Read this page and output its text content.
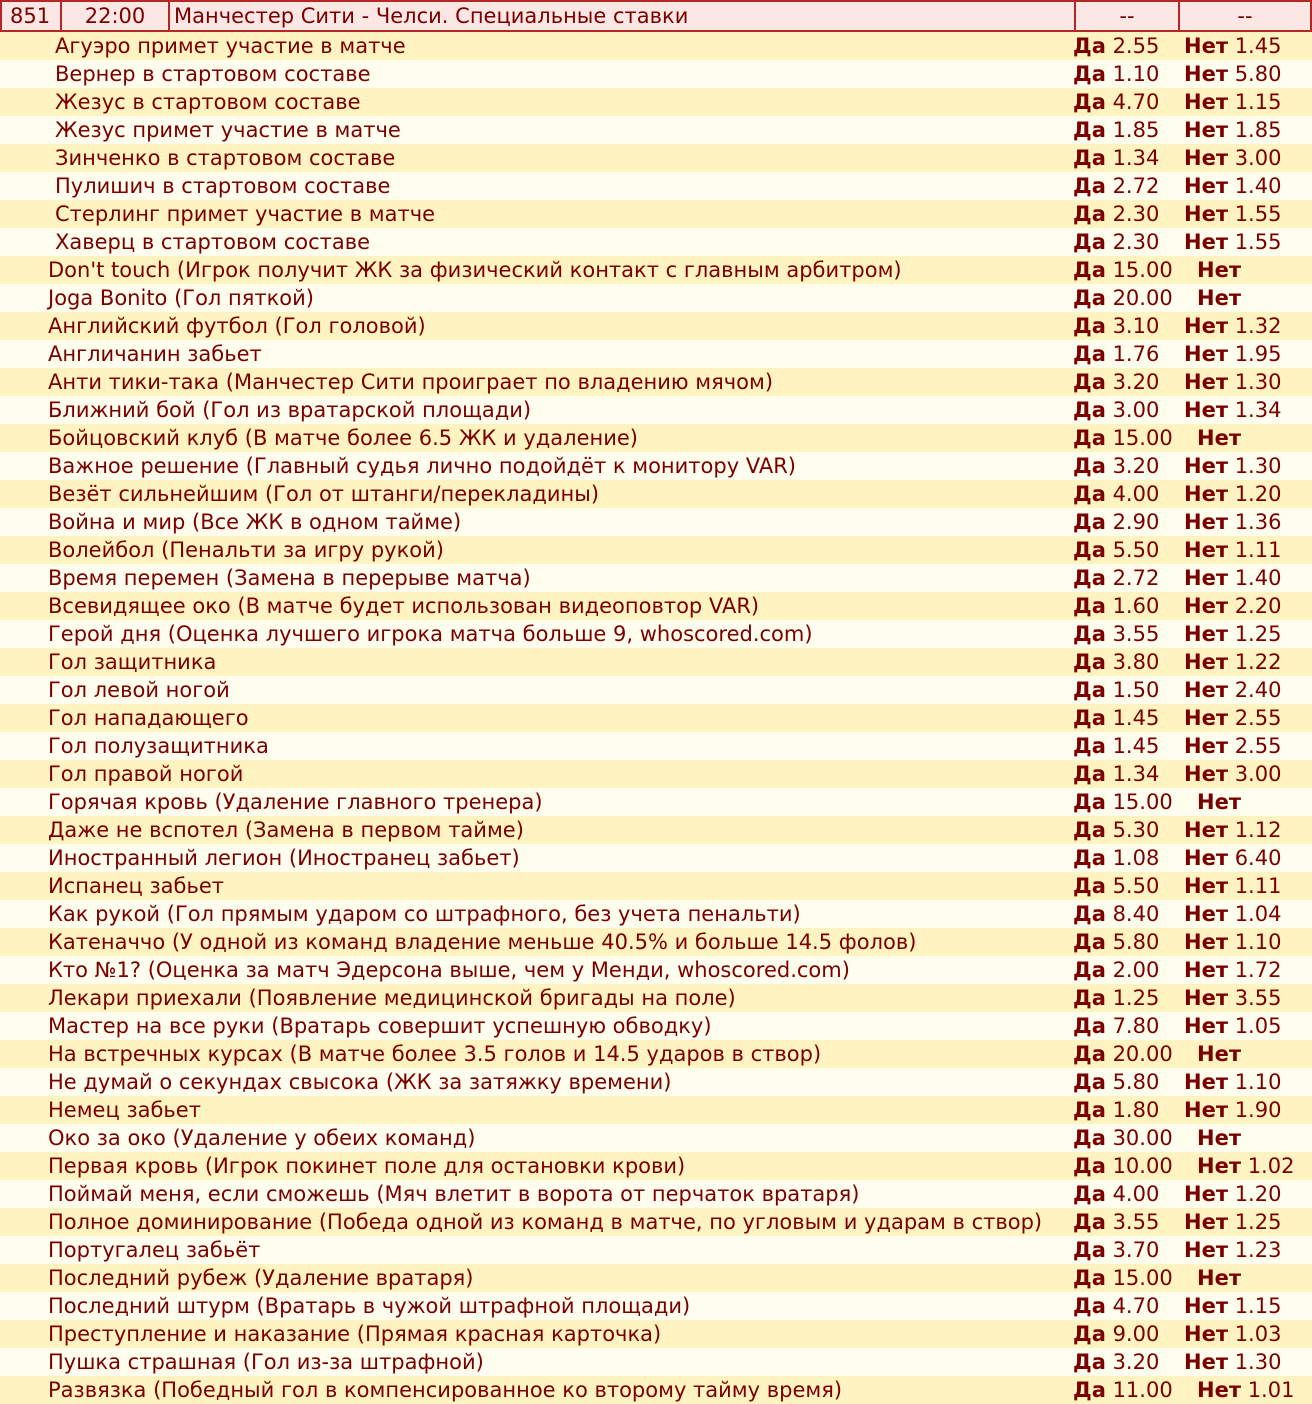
851	22:00	Манчестер Сити - Челси. Специальные ставки	--	--
Агуэро примет участие в матче	Да 2.55 Нет 1.45
Вернер в стартовом составе	Да 1.10 Нет 5.80
Жезус в стартовом составе	Да 4.70 Нет 1.15
Жезус примет участие в матче	Да 1.85 Нет 1.85
Зинченко в стартовом составе	Да 1.34 Нет 3.00
Пулишич в стартовом составе	Да 2.72 Нет 1.40
Стерлинг примет участие в матче	Да 2.30 Нет 1.55
Хаверц в стартовом составе	Да 2.30 Нет 1.55
Don't touch (Игрок получит ЖК за физический контакт с главным арбитром)	Да 15.00 Нет
Joga Bonito (Гол пяткой)	Да 20.00 Нет
Английский футбол (Гол головой)	Да 3.10 Нет 1.32
Англичанин забьет	Да 1.76 Нет 1.95
Анти тики-така (Манчестер Сити проиграет по владению мячом)	Да 3.20 Нет 1.30
Ближний бой (Гол из вратарской площади)	Да 3.00 Нет 1.34
Бойцовский клуб (В матче более 6.5 ЖК и удаление)	Да 15.00 Нет
Важное решение (Главный судья лично подойдёт к монитору VAR)	Да 3.20 Нет 1.30
Везёт сильнейшим (Гол от штанги/перекладины)	Да 4.00 Нет 1.20
Война и мир (Все ЖК в одном тайме)	Да 2.90 Нет 1.36
Волейбол (Пенальти за игру рукой)	Да 5.50 Нет 1.11
Время перемен (Замена в перерыве матча)	Да 2.72 Нет 1.40
Всевидящее око (В матче будет использован видеоповтор VAR)	Да 1.60 Нет 2.20
Герой дня (Оценка лучшего игрока матча больше 9, whoscored.com)	Да 3.55 Нет 1.25
Гол защитника	Да 3.80 Нет 1.22
Гол левой ногой	Да 1.50 Нет 2.40
Гол нападающего	Да 1.45 Нет 2.55
Гол полузащитника	Да 1.45 Нет 2.55
Гол правой ногой	Да 1.34 Нет 3.00
Горячая кровь (Удаление главного тренера)	Да 15.00 Нет
Даже не вспотел (Замена в первом тайме)	Да 5.30 Нет 1.12
Иностранный легион (Иностранец забьет)	Да 1.08 Нет 6.40
Испанец забьет	Да 5.50 Нет 1.11
Как рукой (Гол прямым ударом со штрафного, без учета пенальти)	Да 8.40 Нет 1.04
Катеначчо (У одной из команд владение меньше 40.5% и больше 14.5 фолов)	Да 5.80 Нет 1.10
Кто №1? (Оценка за матч Эдерсона выше, чем у Менди, whoscored.com)	Да 2.00 Нет 1.72
Лекари приехали (Появление медицинской бригады на поле)	Да 1.25 Нет 3.55
Мастер на все руки (Вратарь совершит успешную обводку)	Да 7.80 Нет 1.05
На встречных курсах (В матче более 3.5 голов и 14.5 ударов в створ)	Да 20.00 Нет
Не думай о секундах свысока (ЖК за затяжку времени)	Да 5.80 Нет 1.10
Немец забьет	Да 1.80 Нет 1.90
Око за око (Удаление у обеих команд)	Да 30.00 Нет
Первая кровь (Игрок покинет поле для остановки крови)	Да 10.00 Нет 1.02
Поймай меня, если сможешь (Мяч влетит в ворота от перчаток вратаря)	Да 4.00 Нет 1.20
Полное доминирование (Победа одной из команд в матче, по угловым и ударам в створ) Да 3.55 Нет 1.25
Португалец забьёт	Да 3.70 Нет 1.23
Последний рубеж (Удаление вратаря)	Да 15.00 Нет
Последний штурм (Вратарь в чужой штрафной площади)	Да 4.70 Нет 1.15
Преступление и наказание (Прямая красная карточка)	Да 9.00 Нет 1.03
Пушка страшная (Гол из-за штрафной)	Да 3.20 Нет 1.30
Развязка (Победный гол в компенсированное ко второму тайму время)	Да 11.00 Нет 1.01
